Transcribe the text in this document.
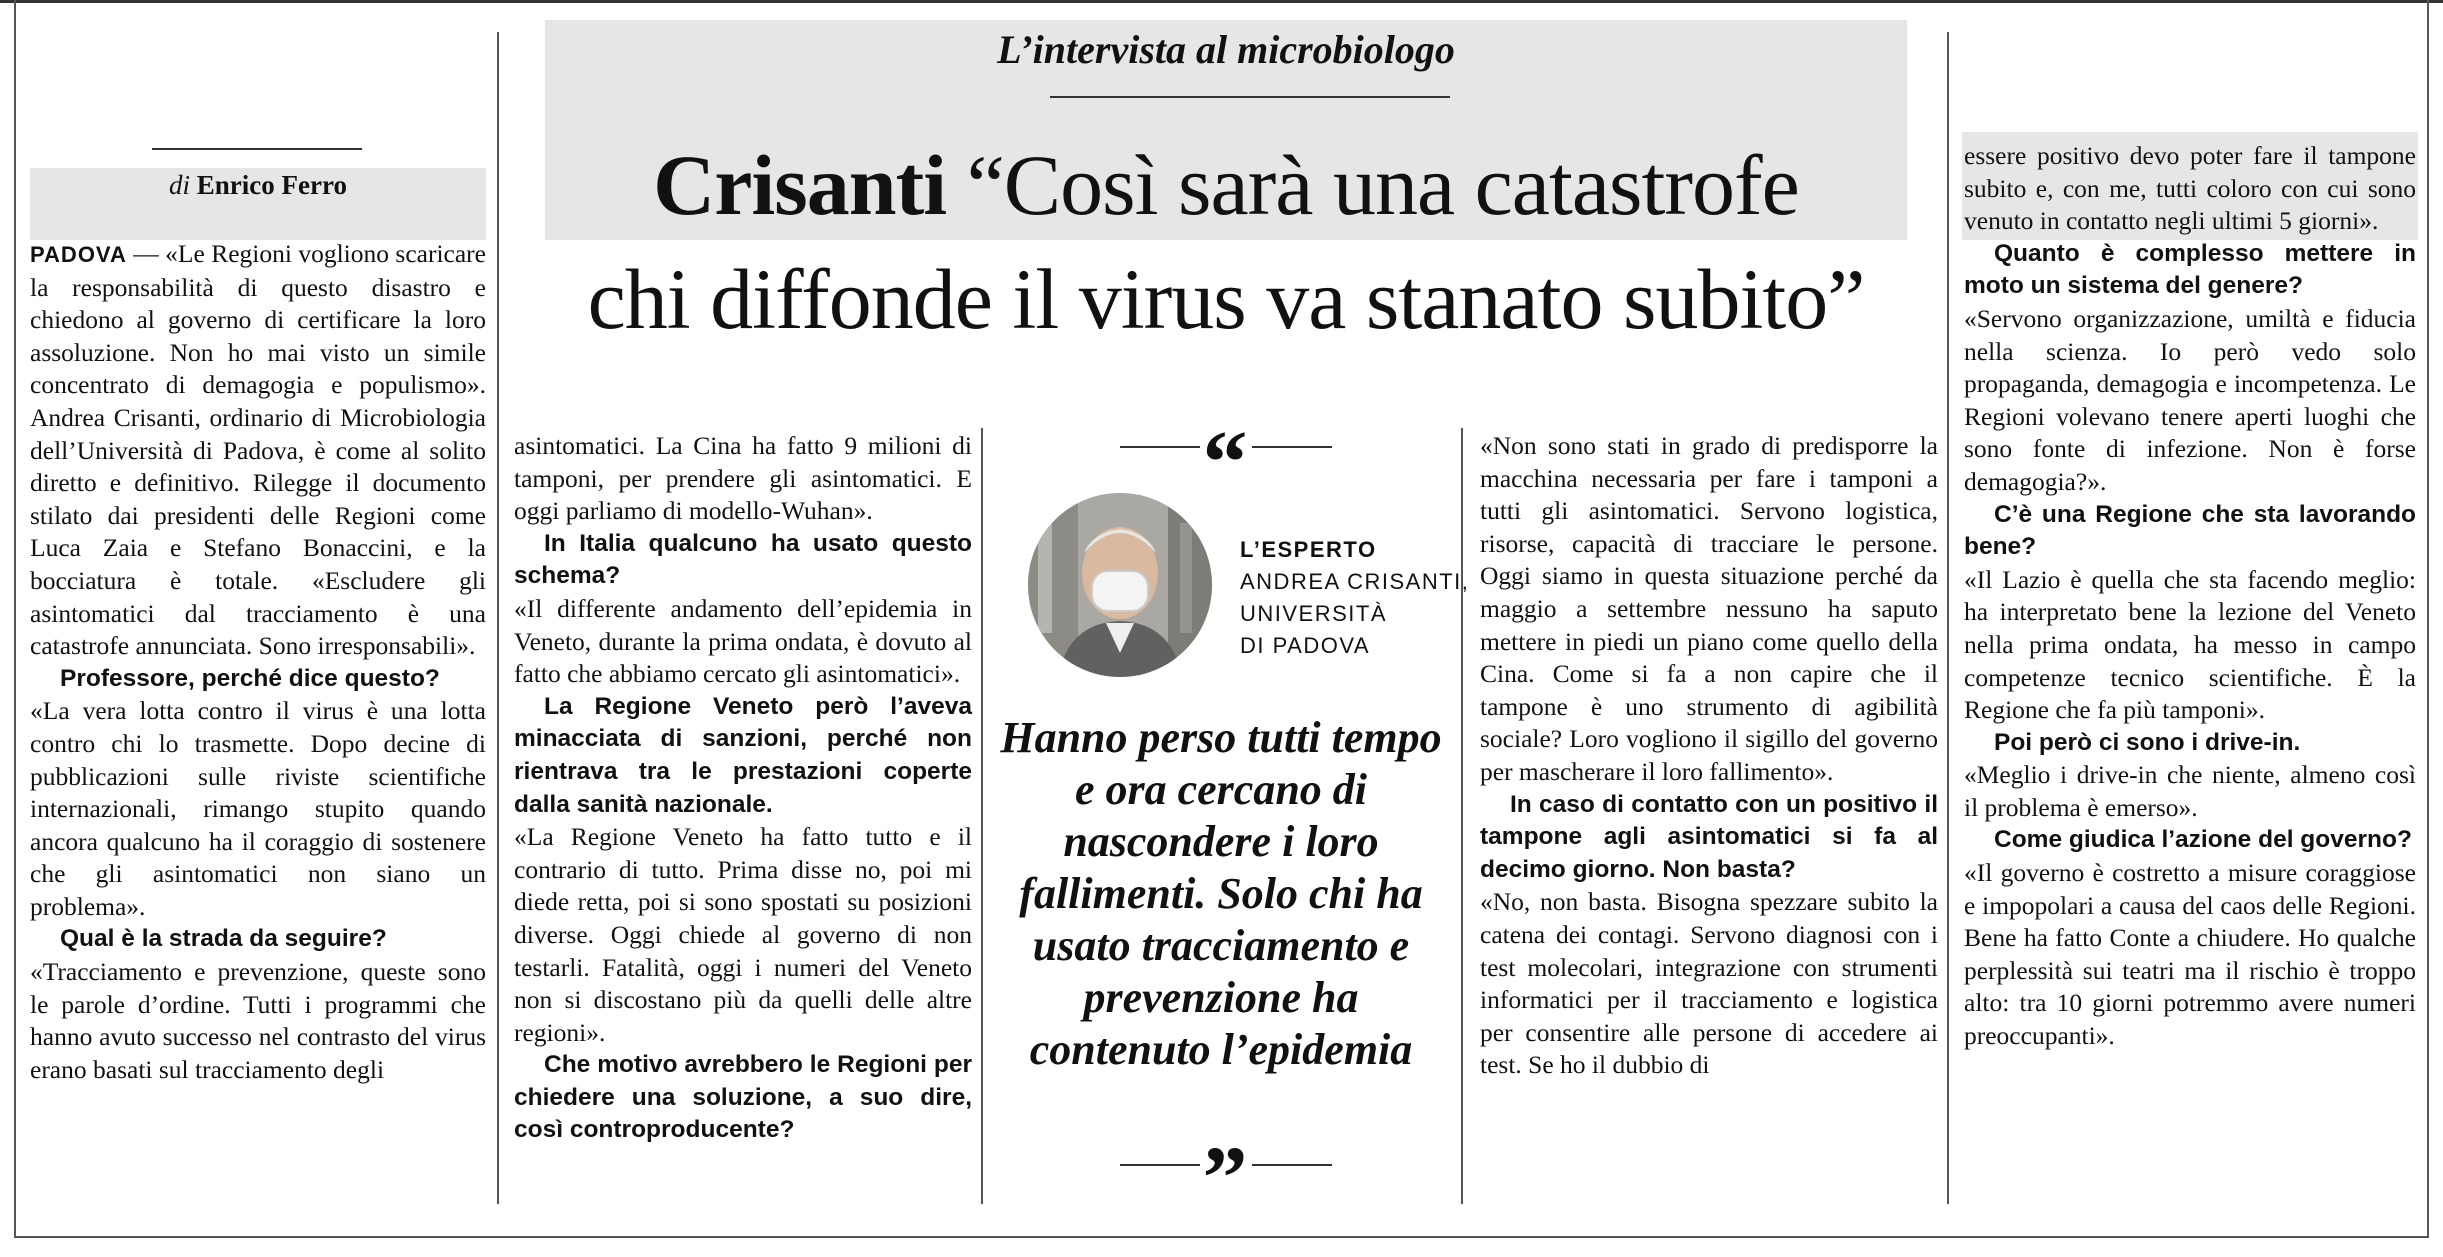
L’intervista al microbiologo
Crisanti “Così sarà una catastrofe
chi diffonde il virus va stanato subito”
di Enrico Ferro

PADOVA — «Le Regioni vogliono scaricare la responsabilità di questo disastro e chiedono al governo di certificare la loro assoluzione. Non ho mai visto un simile concentrato di demagogia e populismo». Andrea Crisanti, ordinario di Microbiologia dell’Università di Padova, è come al solito diretto e definitivo. Rilegge il documento stilato dai presidenti delle Regioni come Luca Zaia e Stefano Bonaccini, e la bocciatura è totale. «Escludere gli asintomatici dal tracciamento è una catastrofe annunciata. Sono irresponsabili».

Professore, perché dice questo?

«La vera lotta contro il virus è una lotta contro chi lo trasmette. Dopo decine di pubblicazioni sulle riviste scientifiche internazionali, rimango stupito quando ancora qualcuno ha il coraggio di sostenere che gli asintomatici non siano un problema».

Qual è la strada da seguire?

«Tracciamento e prevenzione, queste sono le parole d’ordine. Tutti i programmi che hanno avuto successo nel contrasto del virus erano basati sul tracciamento degli

asintomatici. La Cina ha fatto 9 milioni di tamponi, per prendere gli asintomatici. E oggi parliamo di modello-Wuhan».

In Italia qualcuno ha usato questo schema?

«Il differente andamento dell’epidemia in Veneto, durante la prima ondata, è dovuto al fatto che abbiamo cercato gli asintomatici».

La Regione Veneto però l’aveva minacciata di sanzioni, perché non rientrava tra le prestazioni coperte dalla sanità nazionale.

«La Regione Veneto ha fatto tutto e il contrario di tutto. Prima disse no, poi mi diede retta, poi si sono spostati su posizioni diverse. Oggi chiede al governo di non testarli. Fatalità, oggi i numeri del Veneto non si discostano più da quelli delle altre regioni».

Che motivo avrebbero le Regioni per chiedere una soluzione, a suo dire, così controproducente?

“
L’ESPERTO
ANDREA CRISANTI,
UNIVERSITÀ
DI PADOVA
Hanno perso tutti tempo e ora cercano di nascondere i loro fallimenti. Solo chi ha usato tracciamento e prevenzione ha contenuto l’epidemia
”

«Non sono stati in grado di predisporre la macchina necessaria per fare i tamponi a tutti gli asintomatici. Servono logistica, risorse, capacità di tracciare le persone. Oggi siamo in questa situazione perché da maggio a settembre nessuno ha saputo mettere in piedi un piano come quello della Cina. Come si fa a non capire che il tampone è uno strumento di agibilità sociale? Loro vogliono il sigillo del governo per mascherare il loro fallimento».

In caso di contatto con un positivo il tampone agli asintomatici si fa al decimo giorno. Non basta?

«No, non basta. Bisogna spezzare subito la catena dei contagi. Servono diagnosi con i test molecolari, integrazione con strumenti informatici per il tracciamento e logistica per consentire alle persone di accedere ai test. Se ho il dubbio di

essere positivo devo poter fare il tampone subito e, con me, tutti coloro con cui sono venuto in contatto negli ultimi 5 giorni».

Quanto è complesso mettere in moto un sistema del genere?

«Servono organizzazione, umiltà e fiducia nella scienza. Io però vedo solo propaganda, demagogia e incompetenza. Le Regioni volevano tenere aperti luoghi che sono fonte di infezione. Non è forse demagogia?».

C’è una Regione che sta lavorando bene?

«Il Lazio è quella che sta facendo meglio: ha interpretato bene la lezione del Veneto nella prima ondata, ha messo in campo competenze tecnico scientifiche. È la Regione che fa più tamponi».

Poi però ci sono i drive-in.

«Meglio i drive-in che niente, almeno così il problema è emerso».

Come giudica l’azione del governo?

«Il governo è costretto a misure coraggiose e impopolari a causa del caos delle Regioni. Bene ha fatto Conte a chiudere. Ho qualche perplessità sui teatri ma il rischio è troppo alto: tra 10 giorni potremmo avere numeri preoccupanti».
